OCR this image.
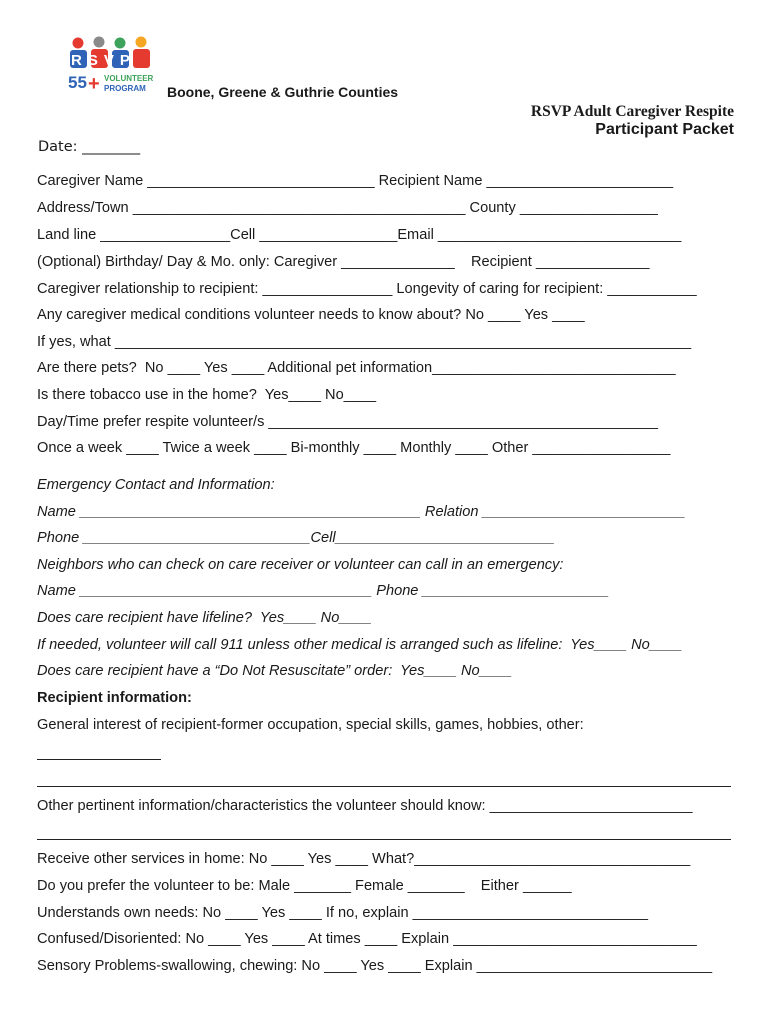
RSVP
55 + VOLUNTEER
PROGRAM Boone, Greene & Guthrie Counties
RSVP Adult Caregiver Respite
Participant Packet
Date: ________
Caregiver Name ____________________________ Recipient Name _______________________
Address/Town _________________________________________ County _________________
Land line ________________Cell _________________Email ______________________________
(Optional) Birthday/ Day & Mo. only: Caregiver ______________    Recipient ______________
Caregiver relationship to recipient: ________________ Longevity of caring for recipient: ___________
Any caregiver medical conditions volunteer needs to know about? No ____ Yes ____
If yes, what _______________________________________________________________________
Are there pets?  No ____ Yes ____ Additional pet information______________________________
Is there tobacco use in the home?  Yes____ No____
Day/Time prefer respite volunteer/s ________________________________________________
Once a week ____ Twice a week ____ Bi-monthly ____ Monthly ____ Other _________________
Emergency Contact and Information:
Name __________________________________________ Relation _________________________
Phone ____________________________Cell___________________________
Neighbors who can check on care receiver or volunteer can call in an emergency:
Name ____________________________________ Phone _______________________
Does care recipient have lifeline?  Yes____ No____
If needed, volunteer will call 911 unless other medical is arranged such as lifeline:  Yes____ No____
Does care recipient have a “Do Not Resuscitate” order:  Yes____ No____
Recipient information:
General interest of recipient-former occupation, special skills, games, hobbies, other:
Other pertinent information/characteristics the volunteer should know: _________________________
Receive other services in home: No ____ Yes ____ What?__________________________________
Do you prefer the volunteer to be: Male _______ Female _______    Either ______
Understands own needs: No ____ Yes ____ If no, explain _____________________________
Confused/Disoriented: No ____ Yes ____ At times ____ Explain ______________________________
Sensory Problems-swallowing, chewing: No ____ Yes ____ Explain _____________________________
